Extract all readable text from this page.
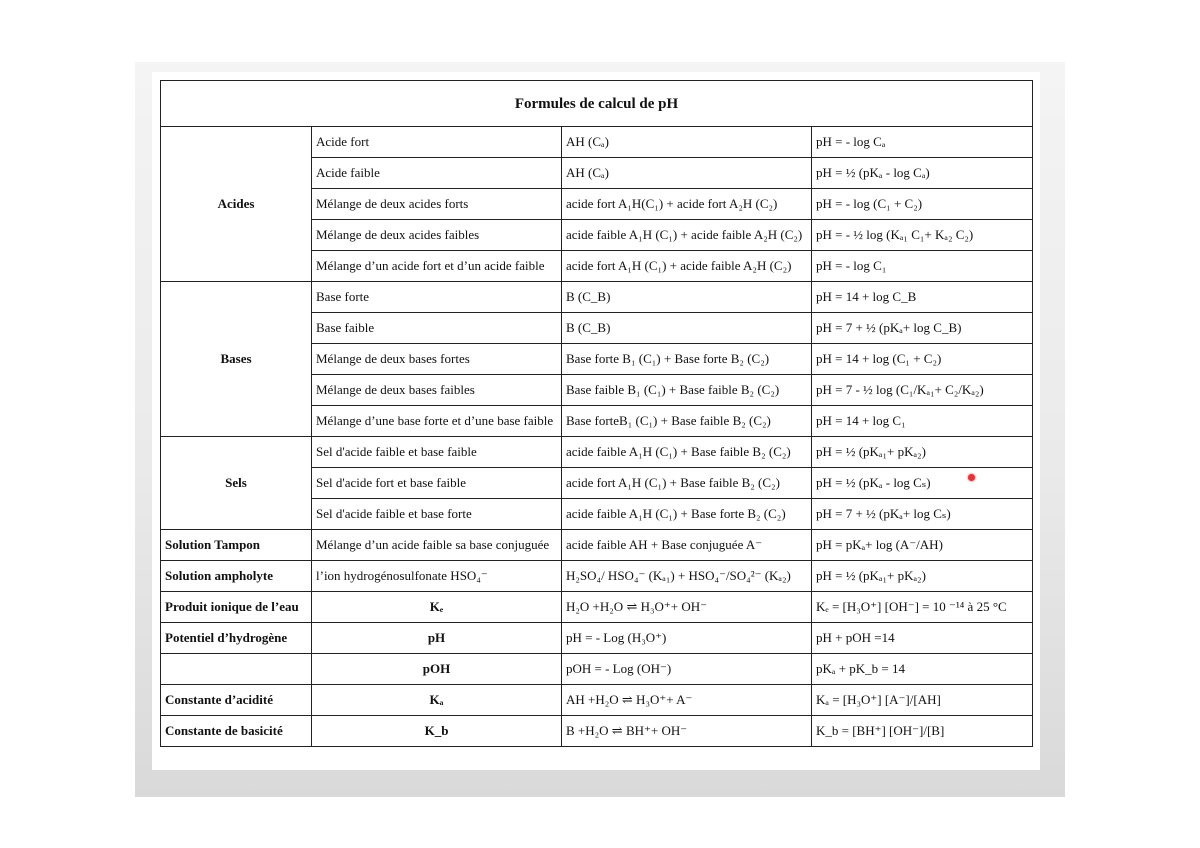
Formules de calcul de pH			
Acides	Acide fort	AH (Cₐ)	pH = - log Cₐ
	Acide faible	AH (Cₐ)	pH = ½ (pKₐ - log Cₐ)
	Mélange de deux acides forts	acide fort A₁H(C₁) + acide fort A₂H (C₂)	pH = - log (C₁ + C₂)
	Mélange de deux acides faibles	acide faible A₁H (C₁) + acide faible A₂H (C₂)	pH = - ½ log (Kₐ₁ C₁+ Kₐ₂ C₂)
	Mélange d’un acide fort et d’un acide faible	acide fort A₁H (C₁) + acide faible A₂H (C₂)	pH = - log C₁
Bases	Base forte	B (C_B)	pH = 14 + log C_B
	Base faible	B (C_B)	pH = 7 + ½ (pKₐ+ log C_B)
	Mélange de deux bases fortes	Base forte B₁ (C₁) + Base forte B₂ (C₂)	pH = 14 + log (C₁ + C₂)
	Mélange de deux bases faibles	Base faible B₁ (C₁) + Base faible B₂ (C₂)	pH = 7 - ½ log (C₁/Kₐ₁+ C₂/Kₐ₂)
	Mélange d’une base forte et d’une base faible	Base forteB₁ (C₁) + Base faible B₂ (C₂)	pH = 14 + log C₁
Sels	Sel d'acide faible et base faible	acide faible A₁H (C₁) + Base faible B₂ (C₂)	pH = ½ (pKₐ₁+ pKₐ₂)
	Sel d'acide fort et base faible	acide fort A₁H (C₁) + Base faible B₂ (C₂)	pH = ½ (pKₐ - log Cₛ)
	Sel d'acide faible et base forte	acide faible A₁H (C₁) + Base forte B₂ (C₂)	pH = 7 + ½ (pKₐ+ log Cₛ)
Solution Tampon	Mélange d’un acide faible sa base conjuguée	acide faible AH + Base conjuguée A⁻	pH = pKₐ+ log (A⁻/AH)
Solution ampholyte	l’ion hydrogénosulfonate HSO₄⁻	H₂SO₄/ HSO₄⁻ (Kₐ₁) + HSO₄⁻/SO₄²⁻ (Kₐ₂)	pH = ½ (pKₐ₁+ pKₐ₂)
Produit ionique de l’eau	Kₑ	H₂O +H₂O ⇌ H₃O⁺+ OH⁻	Kₑ = [H₃O⁺] [OH⁻] = 10 ⁻¹⁴ à 25 °C
Potentiel d’hydrogène	pH	pH = - Log (H₃O⁺)	pH + pOH =14
	pOH	pOH = - Log (OH⁻)	pKₐ + pK_b = 14
Constante d’acidité	Kₐ	AH +H₂O ⇌ H₃O⁺+ A⁻	Kₐ = [H₃O⁺] [A⁻]/[AH]
Constante de basicité	K_b	B +H₂O ⇌ BH⁺+ OH⁻	K_b = [BH⁺] [OH⁻]/[B]
